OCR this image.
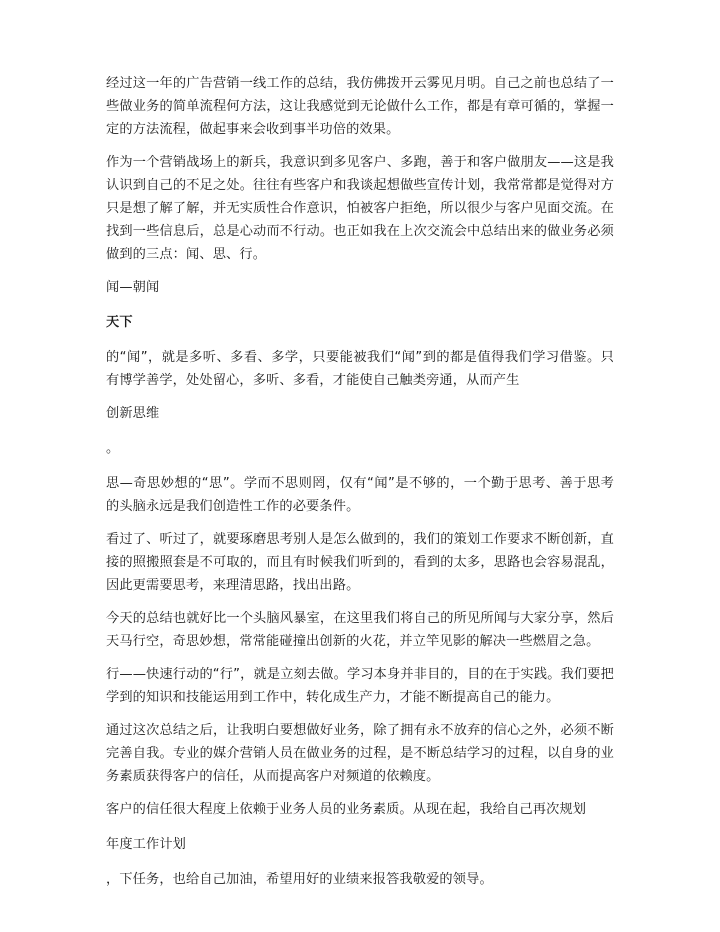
经过这一年的广告营销一线工作的总结，我仿佛拨开云雾见月明。自己之前也总结了一些做业务的简单流程何方法，这让我感觉到无论做什么工作，都是有章可循的，掌握一定的方法流程，做起事来会收到事半功倍的效果。

作为一个营销战场上的新兵，我意识到多见客户、多跑，善于和客户做朋友——这是我认识到自己的不足之处。往往有些客户和我谈起想做些宣传计划，我常常都是觉得对方只是想了解了解，并无实质性合作意识，怕被客户拒绝，所以很少与客户见面交流。在找到一些信息后，总是心动而不行动。也正如我在上次交流会中总结出来的做业务必须做到的三点：闻、思、行。

闻—朝闻

天下

的“闻”，就是多听、多看、多学，只要能被我们“闻”到的都是值得我们学习借鉴。只有博学善学，处处留心，多听、多看，才能使自己触类旁通，从而产生

创新思维

。

思—奇思妙想的“思”。学而不思则罔，仅有“闻”是不够的，一个勤于思考、善于思考的头脑永远是我们创造性工作的必要条件。

看过了、听过了，就要琢磨思考别人是怎么做到的，我们的策划工作要求不断创新，直接的照搬照套是不可取的，而且有时候我们听到的，看到的太多，思路也会容易混乱，因此更需要思考，来理清思路，找出出路。

今天的总结也就好比一个头脑风暴室，在这里我们将自己的所见所闻与大家分享，然后天马行空，奇思妙想，常常能碰撞出创新的火花，并立竿见影的解决一些燃眉之急。

行——快速行动的“行”，就是立刻去做。学习本身并非目的，目的在于实践。我们要把学到的知识和技能运用到工作中，转化成生产力，才能不断提高自己的能力。

通过这次总结之后，让我明白要想做好业务，除了拥有永不放弃的信心之外，必须不断完善自我。专业的媒介营销人员在做业务的过程，是不断总结学习的过程，以自身的业务素质获得客户的信任，从而提高客户对频道的依赖度。

客户的信任很大程度上依赖于业务人员的业务素质。从现在起，我给自己再次规划

年度工作计划

，下任务，也给自己加油，希望用好的业绩来报答我敬爱的领导。
